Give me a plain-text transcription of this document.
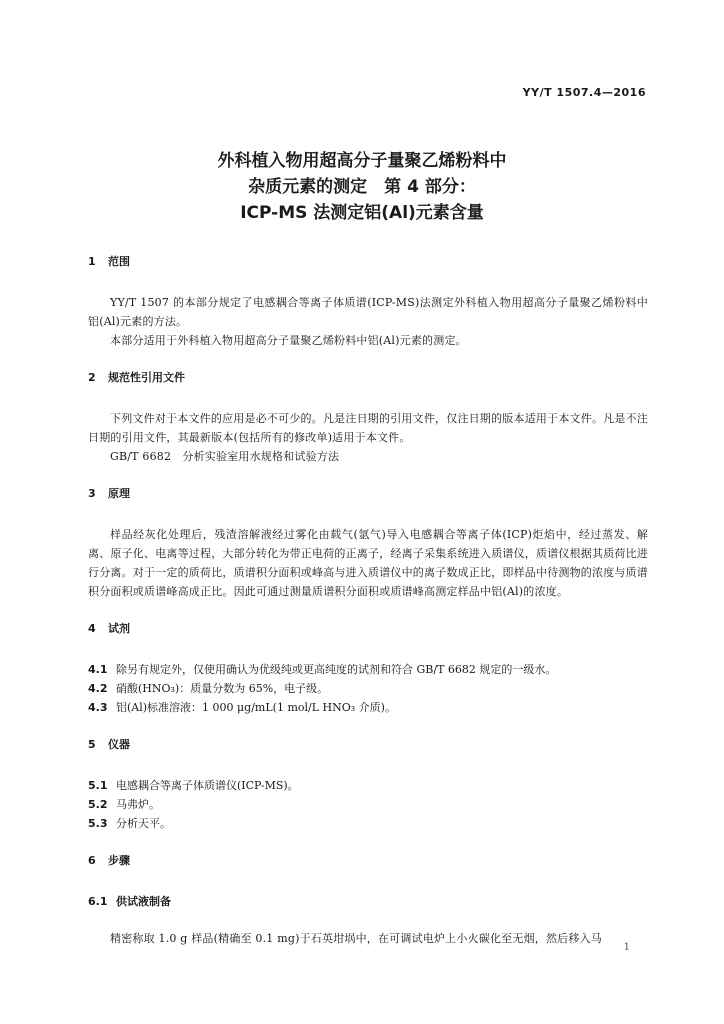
YY/T 1507.4—2016
外科植入物用超高分子量聚乙烯粉料中
杂质元素的测定　第 4 部分：
ICP-MS 法测定铝(Al)元素含量
1 范围

YY/T 1507 的本部分规定了电感耦合等离子体质谱(ICP-MS)法测定外科植入物用超高分子量聚乙烯粉料中铝(Al)元素的方法。

本部分适用于外科植入物用超高分子量聚乙烯粉料中铝(Al)元素的测定。

2 规范性引用文件

下列文件对于本文件的应用是必不可少的。凡是注日期的引用文件，仅注日期的版本适用于本文件。凡是不注日期的引用文件，其最新版本(包括所有的修改单)适用于本文件。

GB/T 6682　分析实验室用水规格和试验方法

3 原理

样品经灰化处理后，残渣溶解液经过雾化由载气(氩气)导入电感耦合等离子体(ICP)炬焰中，经过蒸发、解离、原子化、电离等过程，大部分转化为带正电荷的正离子，经离子采集系统进入质谱仪，质谱仪根据其质荷比进行分离。对于一定的质荷比，质谱积分面积或峰高与进入质谱仪中的离子数成正比，即样品中待测物的浓度与质谱积分面积或质谱峰高成正比。因此可通过测量质谱积分面积或质谱峰高测定样品中铝(Al)的浓度。

4 试剂
4.1 除另有规定外，仅使用确认为优级纯或更高纯度的试剂和符合 GB/T 6682 规定的一级水。
4.2 硝酸(HNO₃)：质量分数为 65%，电子级。
4.3 铝(Al)标准溶液：1 000 μg/mL(1 mol/L HNO₃ 介质)。
5 仪器
5.1 电感耦合等离子体质谱仪(ICP-MS)。
5.2 马弗炉。
5.3 分析天平。
6 步骤
6.1 供试液制备

精密称取 1.0 g 样品(精确至 0.1 mg)于石英坩埚中，在可调试电炉上小火碳化至无烟，然后移入马

1
